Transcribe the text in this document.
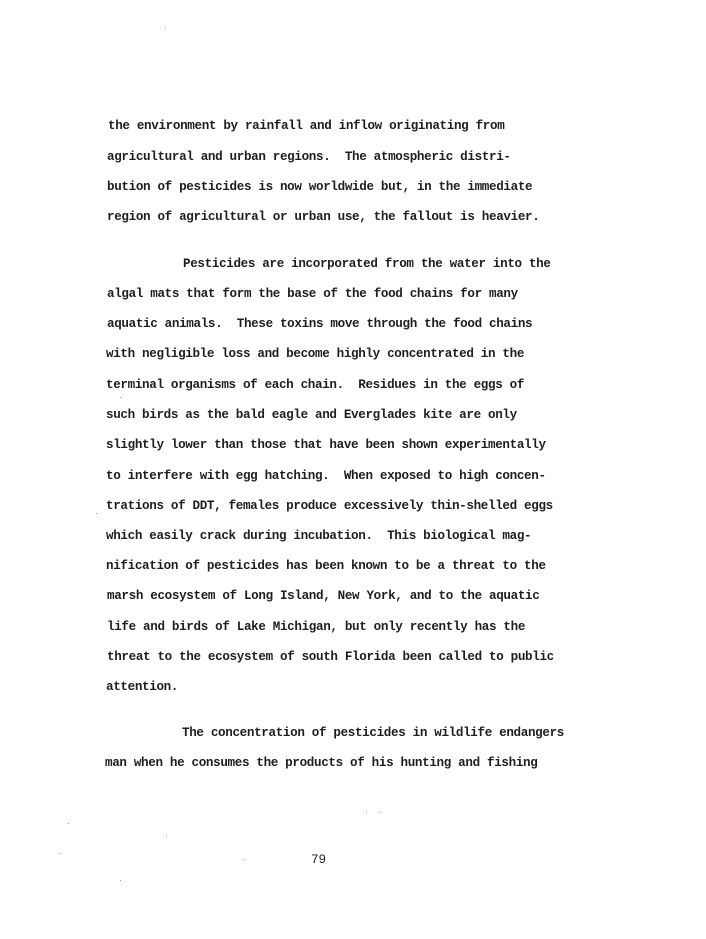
the environment by rainfall and inflow originating from
agricultural and urban regions.  The atmospheric distri-
bution of pesticides is now worldwide but, in the immediate
region of agricultural or urban use, the fallout is heavier.
Pesticides are incorporated from the water into the
algal mats that form the base of the food chains for many
aquatic animals.  These toxins move through the food chains
with negligible loss and become highly concentrated in the
terminal organisms of each chain.  Residues in the eggs of
such birds as the bald eagle and Everglades kite are only
slightly lower than those that have been shown experimentally
to interfere with egg hatching.  When exposed to high concen-
trations of DDT, females produce excessively thin-shelled eggs
which easily crack during incubation.  This biological mag-
nification of pesticides has been known to be a threat to the
marsh ecosystem of Long Island, New York, and to the aquatic
life and birds of Lake Michigan, but only recently has the
threat to the ecosystem of south Florida been called to public
attention.
The concentration of pesticides in wildlife endangers
man when he consumes the products of his hunting and fishing
79
